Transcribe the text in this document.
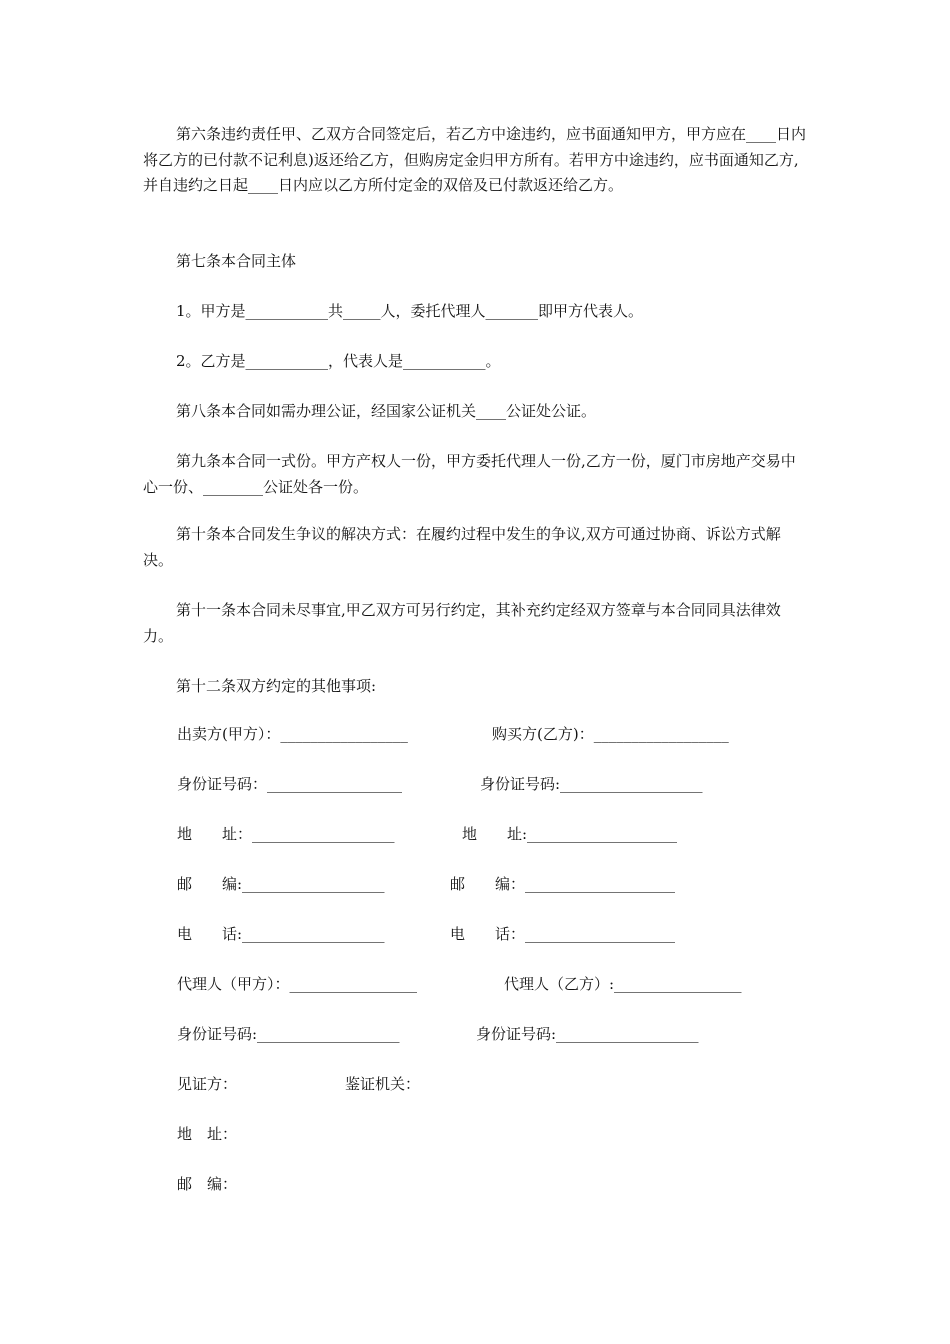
第六条违约责任甲、乙双方合同签定后，若乙方中途违约，应书面通知甲方，甲方应在____日内将乙方的已付款不记利息)返还给乙方，但购房定金归甲方所有。若甲方中途违约，应书面通知乙方,并自违约之日起____日内应以乙方所付定金的双倍及已付款返还给乙方。

第七条本合同主体

1。甲方是___________共_____人，委托代理人_______即甲方代表人。

2。乙方是___________，代表人是___________。

第八条本合同如需办理公证，经国家公证机关____公证处公证。

第九条本合同一式份。甲方产权人一份，甲方委托代理人一份,乙方一份，厦门市房地产交易中心一份、________公证处各一份。

第十条本合同发生争议的解决方式：在履约过程中发生的争议,双方可通过协商、诉讼方式解决。

第十一条本合同未尽事宜,甲乙双方可另行约定，其补充约定经双方签章与本合同同具法律效力。

第十二条双方约定的其他事项:

出卖方(甲方）：_________________	购买方(乙方)：__________________
身份证号码：__________________	身份证号码:___________________
地　　址：___________________	地　　址:____________________
邮　　编:___________________	邮　　编：____________________
电　　话:___________________	电　　话：____________________
代理人（甲方）：_________________	代理人（乙方）:_________________
身份证号码:___________________	身份证号码:___________________
见证方：	鉴证机关：
地　址：
邮　编：
